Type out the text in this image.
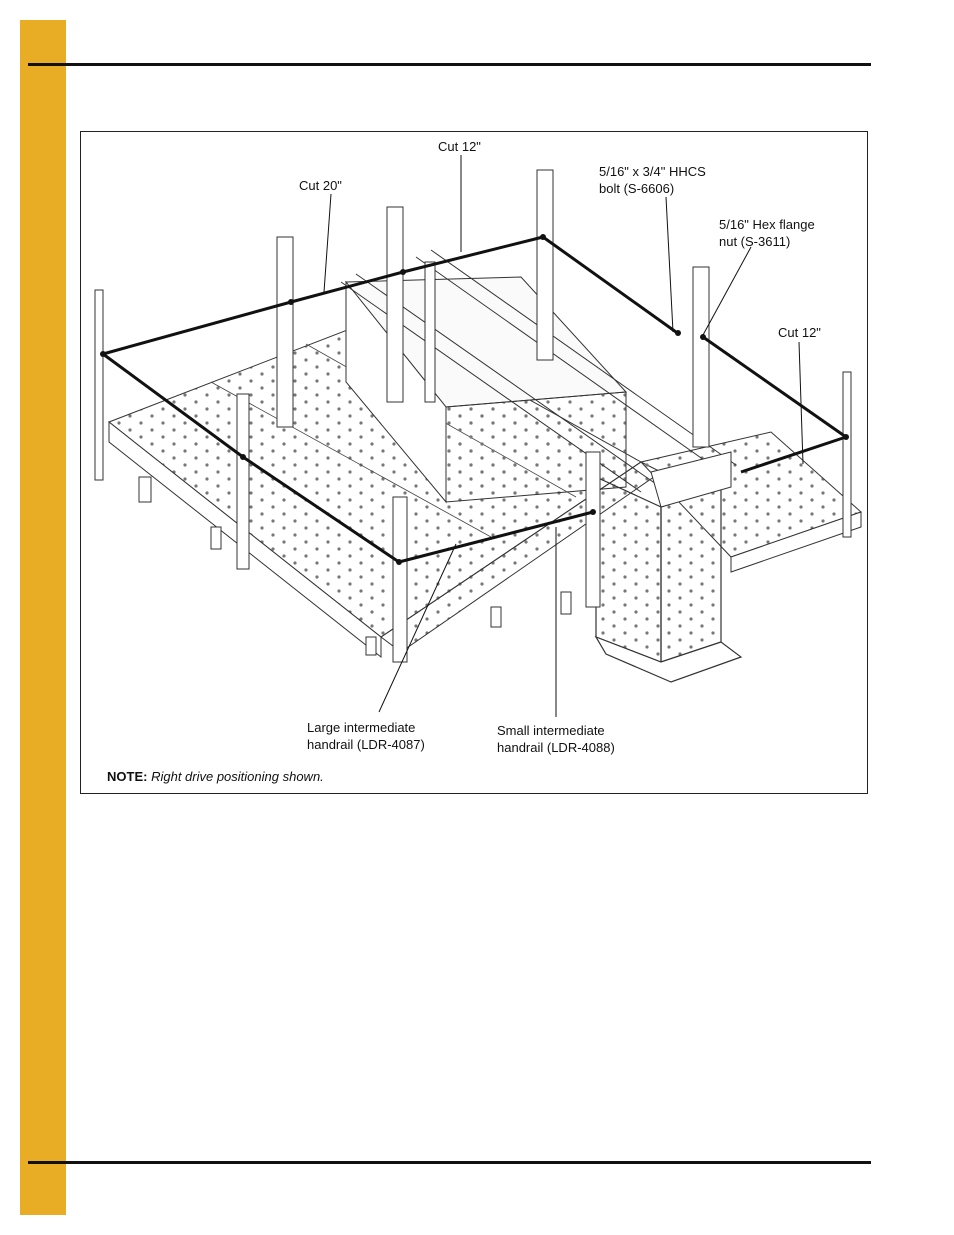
Cut 12"
Cut 20"
5/16" x 3/4" HHCS
bolt (S-6606)
5/16" Hex flange
nut (S-3611)
Cut 12"
Large intermediate
handrail (LDR-4087)
Small intermediate
handrail (LDR-4088)
NOTE: Right drive positioning shown.
